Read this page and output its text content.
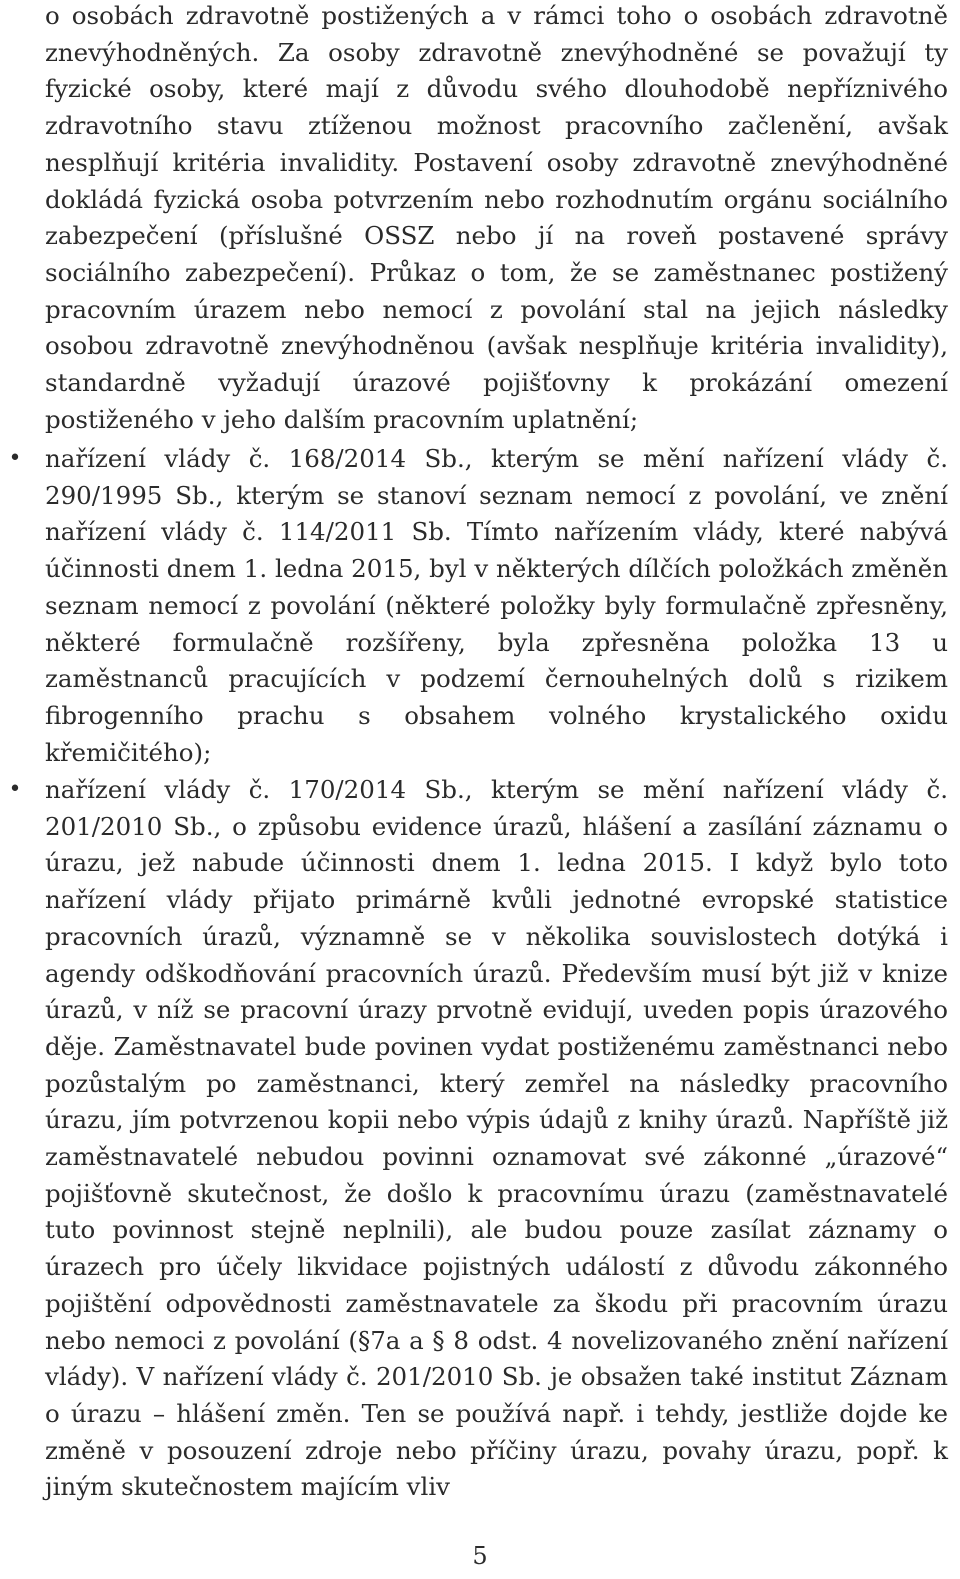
o osobách zdravotně postižených a v rámci toho o osobách zdravotně znevýhodněných. Za osoby zdravotně znevýhodněné se považují ty fyzické osoby, které mají z důvodu svého dlouhodobě nepříznivého zdravotního stavu ztíženou možnost pracovního začlenění, avšak nesplňují kritéria invalidity. Postavení osoby zdravotně znevýhodněné dokládá fyzická osoba potvrzením nebo rozhodnutím orgánu sociálního zabezpečení (příslušné OSSZ nebo jí na roveň postavené správy sociálního zabezpečení). Průkaz o tom, že se zaměstnanec postižený pracovním úrazem nebo nemocí z povolání stal na jejich následky osobou zdravotně znevýhodněnou (avšak nesplňuje kritéria invalidity), standardně vyžadují úrazové pojišťovny k prokázání omezení postiženého v jeho dalším pracovním uplatnění;

• nařízení vlády č. 168/2014 Sb., kterým se mění nařízení vlády č. 290/1995 Sb., kterým se stanoví seznam nemocí z povolání, ve znění nařízení vlády č. 114/2011 Sb. Tímto nařízením vlády, které nabývá účinnosti dnem 1. ledna 2015, byl v některých dílčích položkách změněn seznam nemocí z povolání (některé položky byly formulačně zpřesněny, některé formulačně rozšířeny, byla zpřesněna položka 13 u zaměstnanců pracujících v podzemí černouhelných dolů s rizikem fibrogenního prachu s obsahem volného krystalického oxidu křemičitého);
• nařízení vlády č. 170/2014 Sb., kterým se mění nařízení vlády č. 201/2010 Sb., o způsobu evidence úrazů, hlášení a zasílání záznamu o úrazu, jež nabude účinnosti dnem 1. ledna 2015. I když bylo toto nařízení vlády přijato primárně kvůli jednotné evropské statistice pracovních úrazů, významně se v několika souvislostech dotýká i agendy odškodňování pracovních úrazů. Především musí být již v knize úrazů, v níž se pracovní úrazy prvotně evidují, uveden popis úrazového děje. Zaměstnavatel bude povinen vydat postiženému zaměstnanci nebo pozůstalým po zaměstnanci, který zemřel na následky pracovního úrazu, jím potvrzenou kopii nebo výpis údajů z knihy úrazů. Napříště již zaměstnavatelé nebudou povinni oznamovat své zákonné „úrazové“ pojišťovně skutečnost, že došlo k pracovnímu úrazu (zaměstnavatelé tuto povinnost stejně neplnili), ale budou pouze zasílat záznamy o úrazech pro účely likvidace pojistných událostí z důvodu zákonného pojištění odpovědnosti zaměstnavatele za škodu při pracovním úrazu nebo nemoci z povolání (§7a a § 8 odst. 4 novelizovaného znění nařízení vlády). V nařízení vlády č. 201/2010 Sb. je obsažen také institut Záznam o úrazu – hlášení změn. Ten se používá např. i tehdy, jestliže dojde ke změně v posouzení zdroje nebo příčiny úrazu, povahy úrazu, popř. k jiným skutečnostem majícím vliv
5
